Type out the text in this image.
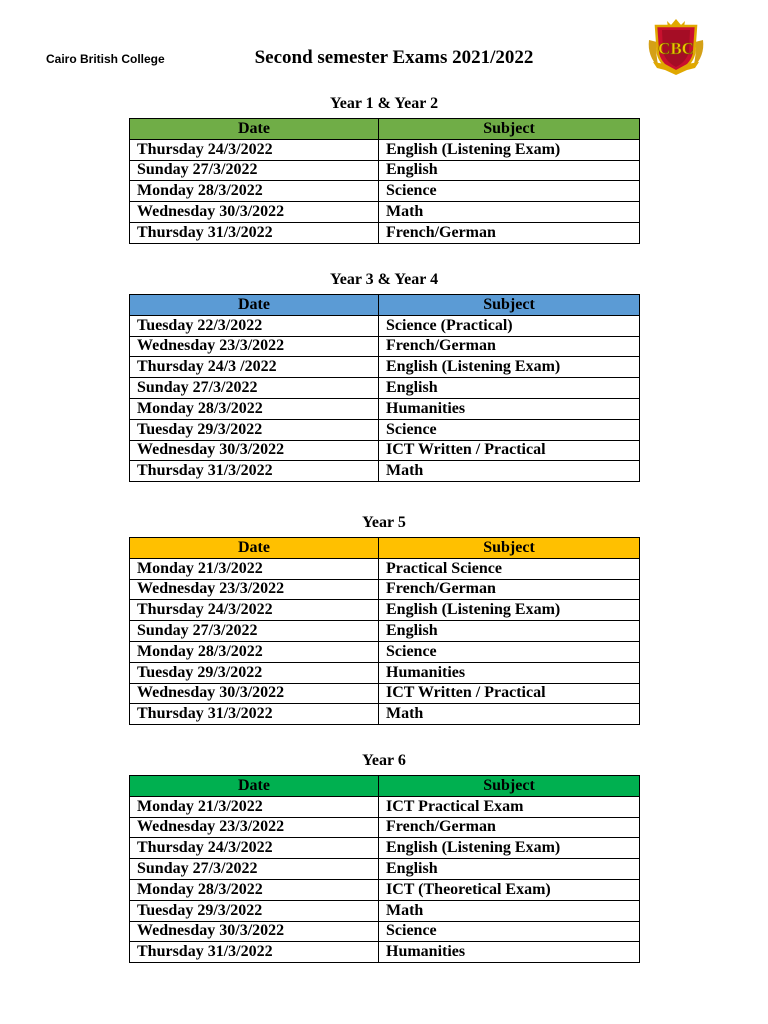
Cairo British College	Second semester Exams 2021/2022	CBC
Year 1 & Year 2
Date	Subject
Thursday 24/3/2022	English (Listening Exam)
Sunday 27/3/2022	English
Monday 28/3/2022	Science
Wednesday 30/3/2022	Math
Thursday 31/3/2022	French/German
Year 3 & Year 4
Date	Subject
Tuesday 22/3/2022	Science (Practical)
Wednesday 23/3/2022	French/German
Thursday 24/3 /2022	English (Listening Exam)
Sunday 27/3/2022	English
Monday 28/3/2022	Humanities
Tuesday 29/3/2022	Science
Wednesday 30/3/2022	ICT Written / Practical
Thursday 31/3/2022	Math
Year 5
Date	Subject
Monday 21/3/2022	Practical Science
Wednesday 23/3/2022	French/German
Thursday 24/3/2022	English (Listening Exam)
Sunday 27/3/2022	English
Monday 28/3/2022	Science
Tuesday 29/3/2022	Humanities
Wednesday 30/3/2022	ICT Written / Practical
Thursday 31/3/2022	Math
Year 6
Date	Subject
Monday 21/3/2022	ICT Practical Exam
Wednesday 23/3/2022	French/German
Thursday 24/3/2022	English (Listening Exam)
Sunday 27/3/2022	English
Monday 28/3/2022	ICT (Theoretical Exam)
Tuesday 29/3/2022	Math
Wednesday 30/3/2022	Science
Thursday 31/3/2022	Humanities
